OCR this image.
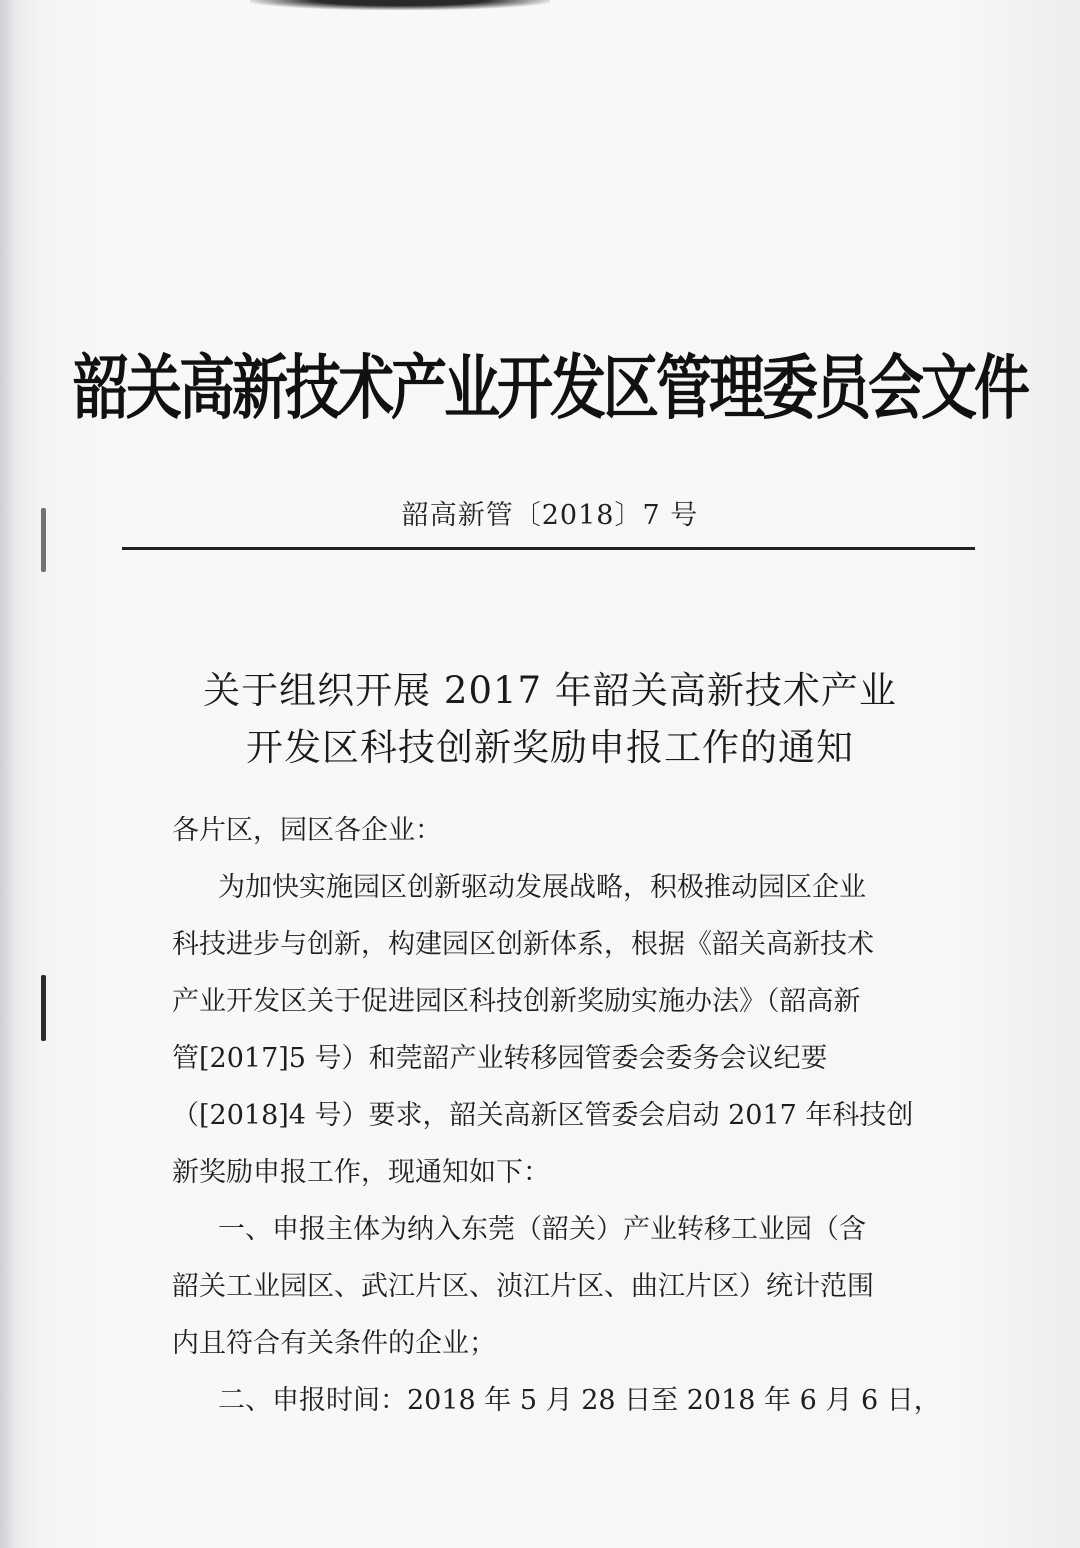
韶关高新技术产业开发区管理委员会文件
韶高新管〔2018〕7 号
关于组织开展 2017 年韶关高新技术产业
开发区科技创新奖励申报工作的通知
各片区，园区各企业：
为加快实施园区创新驱动发展战略，积极推动园区企业
科技进步与创新，构建园区创新体系，根据《韶关高新技术
产业开发区关于促进园区科技创新奖励实施办法》（韶高新
管[2017]5 号）和莞韶产业转移园管委会委务会议纪要
（[2018]4 号）要求，韶关高新区管委会启动 2017 年科技创
新奖励申报工作，现通知如下：
一、申报主体为纳入东莞（韶关）产业转移工业园（含
韶关工业园区、武江片区、浈江片区、曲江片区）统计范围
内且符合有关条件的企业；
二、申报时间：2018 年 5 月 28 日至 2018 年 6 月 6 日，
